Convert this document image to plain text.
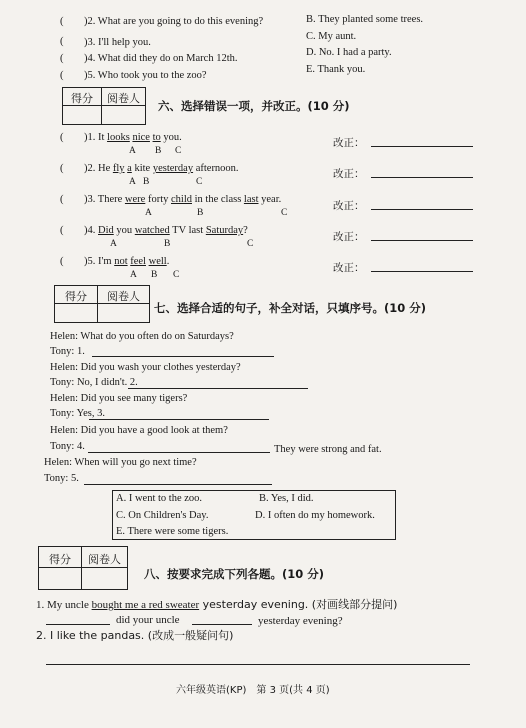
( )2. What are you going to do this evening?	B. They planted some trees.
( )3. I'll help you.
C. My aunt.
( )4. What did they do on March 12th.
D. No. I had a party.
( )5. Who took you to the zoo?
E. Thank you.
得分	阅卷人
六、选择错误一项，并改正。(10 分)
( )1. It looks nice to you.
A B C
改正：
( )2. He fly a kite yesterday afternoon.
A B	C
改正：
( )3. There were forty child in the class last year.
A	B	C
改正：
( )4. Did you watched TV last Saturday?
A	B	C
改正：
( )5. I'm not feel well.
A B C
改正：
得分	阅卷人
七、选择合适的句子，补全对话，只填序号。(10 分)
Helen: What do you often do on Saturdays?
Tony: 1.
Helen: Did you wash your clothes yesterday?
Tony: No, I didn't. 2.
Helen: Did you see many tigers?
Tony: Yes, 3.
Helen: Did you have a good look at them?
Tony: 4.	They were strong and fat.
Helen: When will you go next time?
Tony: 5.
A. I went to the zoo.	B. Yes, I did.
C. On Children's Day.	D. I often do my homework.
E. There were some tigers.
得分	阅卷人
八、按要求完成下列各题。(10 分)
1. My uncle bought me a red sweater yesterday evening. (对画线部分提问)
did your uncle	yesterday evening?
2. I like the pandas. (改成一般疑问句)
六年级英语(KP)　第 3 页(共 4 页)
